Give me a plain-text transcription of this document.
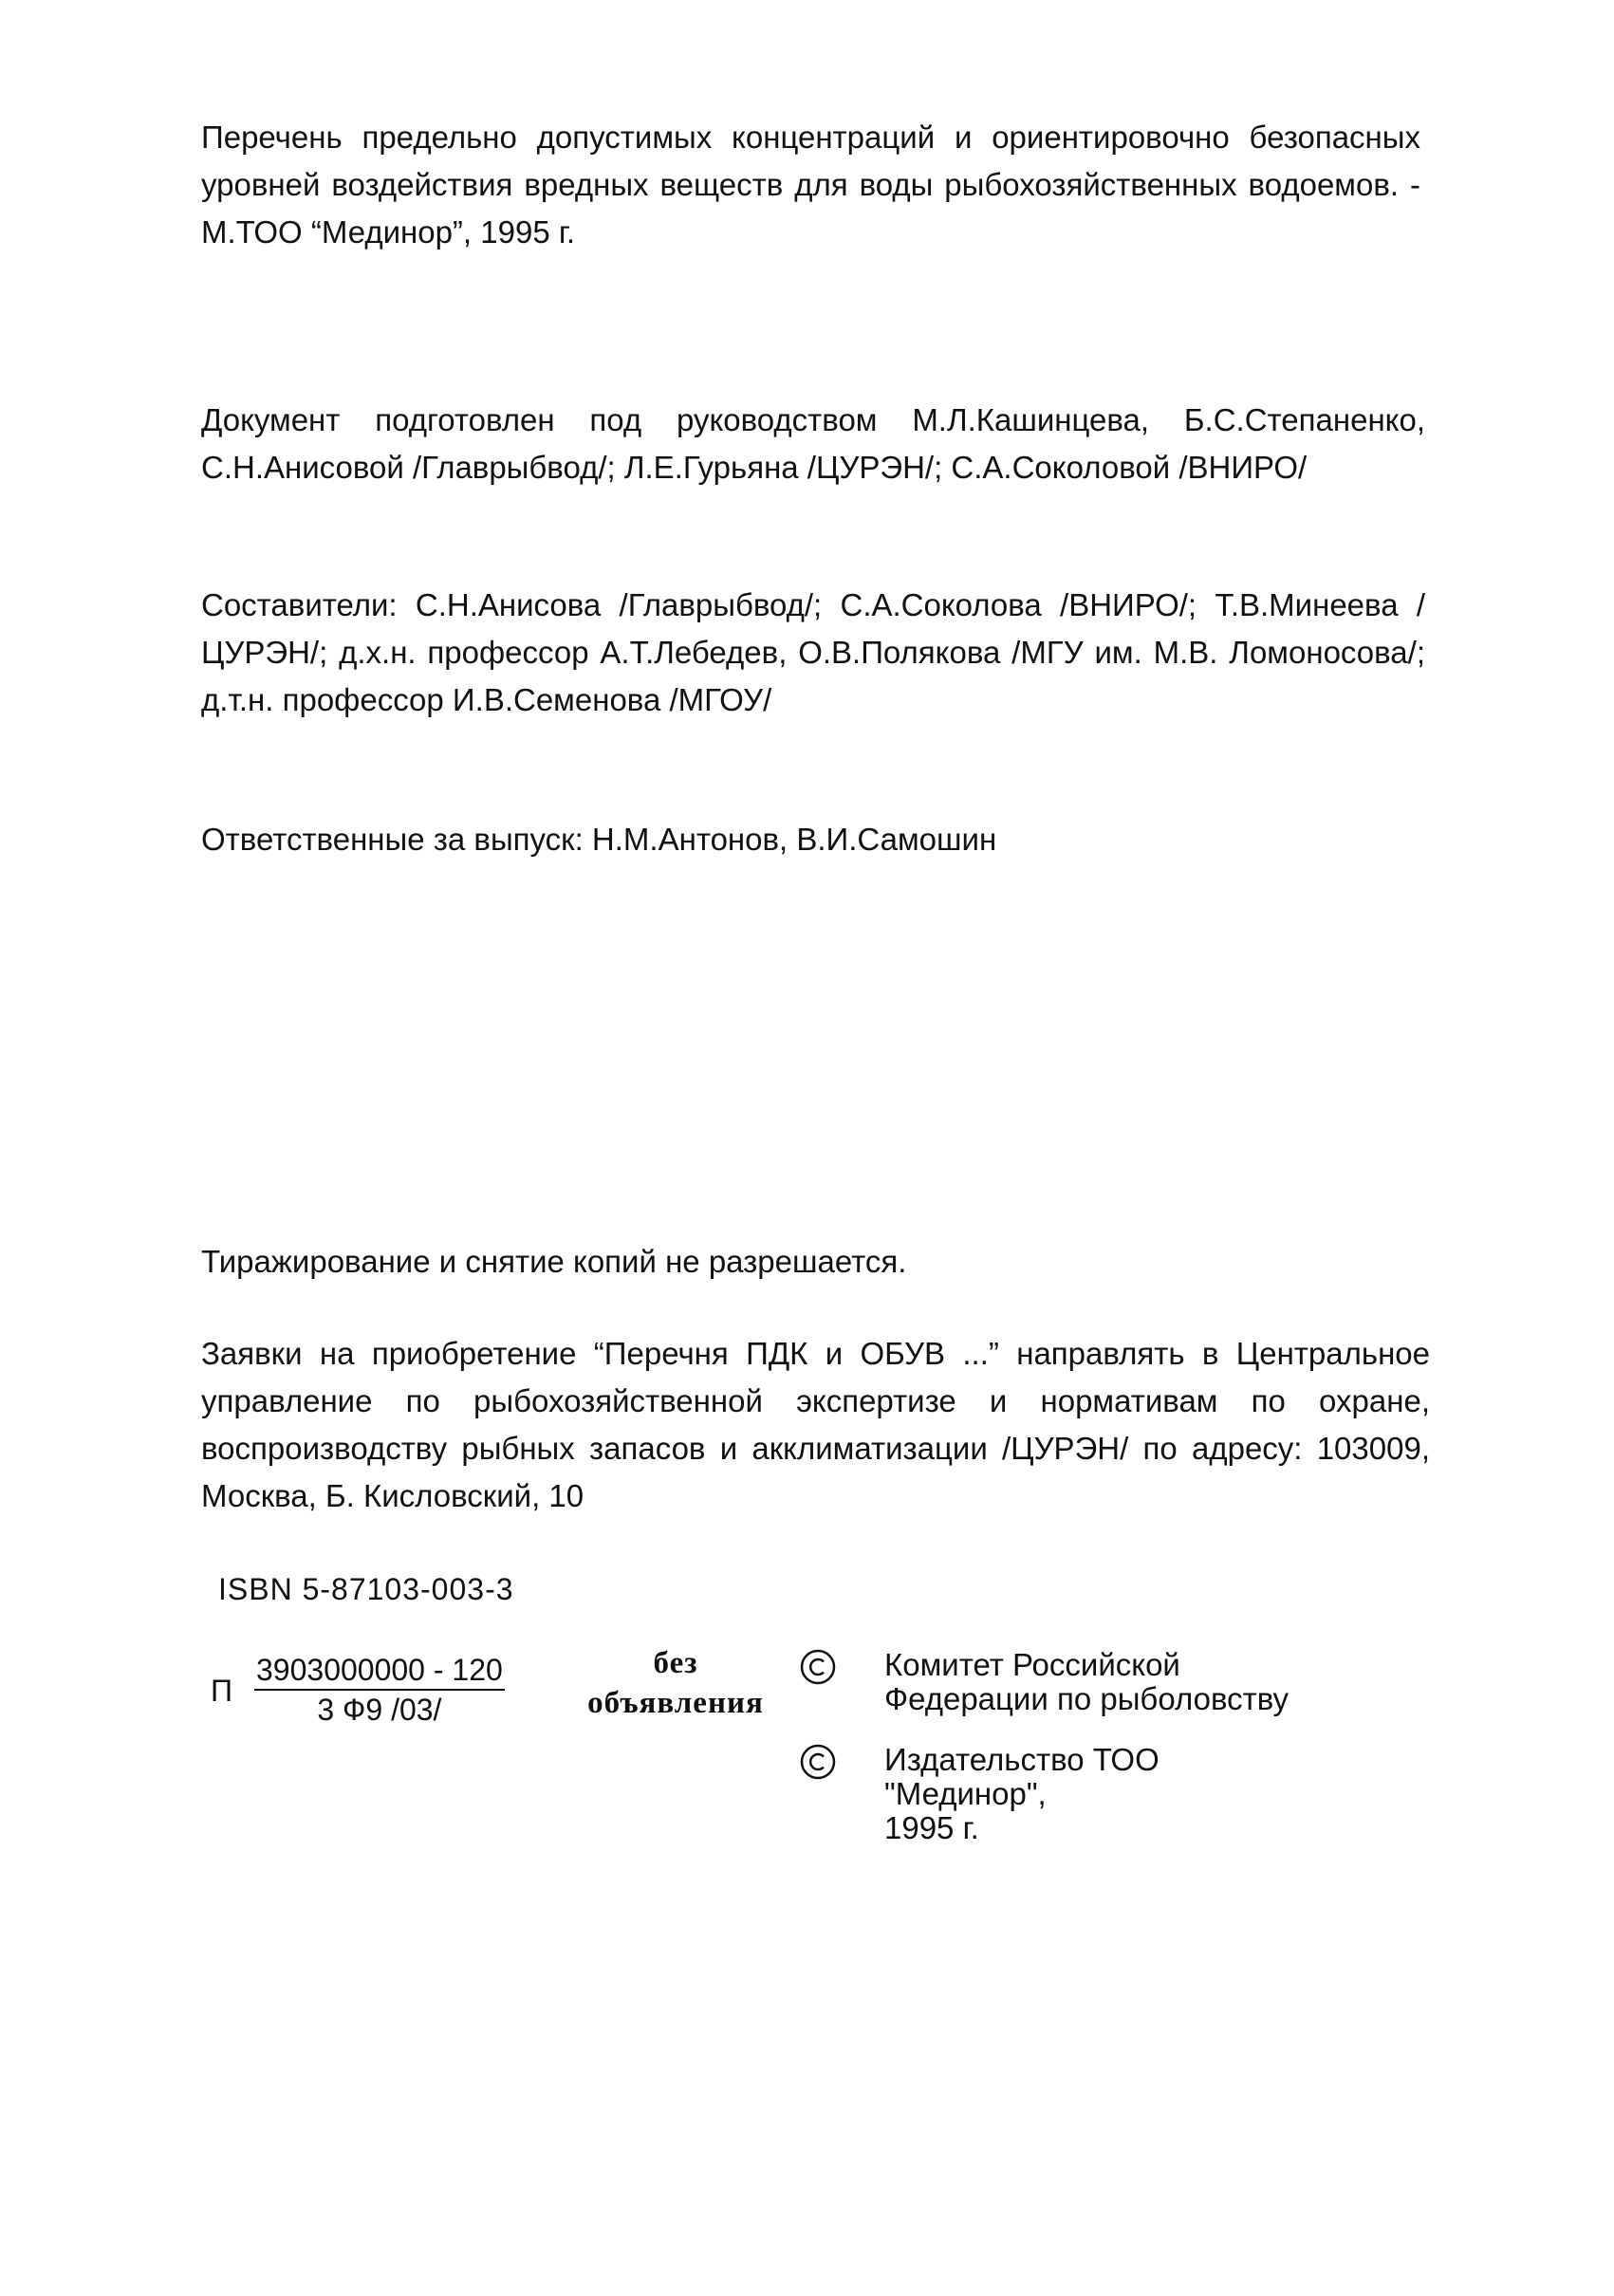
Перечень предельно допустимых концентраций и ориентировочно безопасных уровней воздействия вредных веществ для воды рыбохозяйственных водоемов. - М.ТОО “Мединор”, 1995 г.

Документ подготовлен под руководством М.Л.Кашинцева, Б.С.Степаненко, С.Н.Анисовой /Главрыбвод/; Л.Е.Гурьяна /ЦУРЭН/; С.А.Соколовой /ВНИРО/

Составители: С.Н.Анисова /Главрыбвод/; С.А.Соколова /ВНИРО/; Т.В.Минеева /ЦУРЭН/; д.х.н. профессор А.Т.Лебедев, О.В.Полякова /МГУ им. М.В. Ломоносова/; д.т.н. профессор И.В.Семенова /МГОУ/

Ответственные за выпуск: Н.М.Антонов, В.И.Самошин

Тиражирование и снятие копий не разрешается.

Заявки на приобретение “Перечня ПДК и ОБУВ ...” направлять в Центральное управление по рыбохозяйственной экспертизе и нормативам по охране, воспроизводству рыбных запасов и акклиматизации /ЦУРЭН/ по адресу: 103009, Москва, Б. Кисловский, 10

ISBN 5-87103-003-3
П
3903000000 - 120
3 Ф9 /03/
без
объявления
Комитет Российской
Федерации по рыболовству
Издательство ТОО "Мединор",
1995 г.
